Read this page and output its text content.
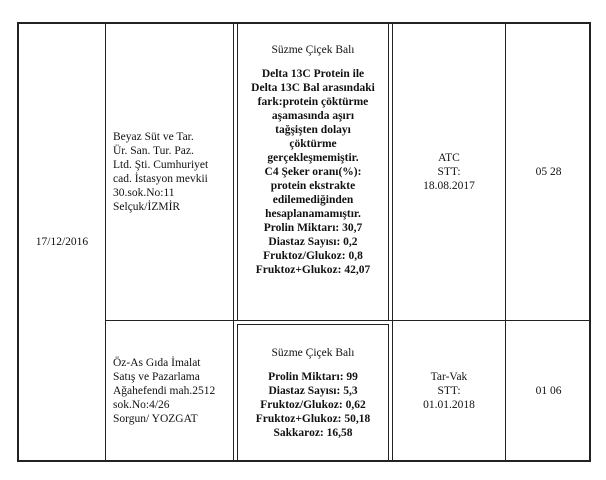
17/12/2016
Beyaz Süt ve Tar.
Ür. San. Tur. Paz.
Ltd. Şti. Cumhuriyet
cad. İstasyon mevkii
30.sok.No:11
Selçuk/İZMİR
Süzme Çiçek Balı
Delta 13C Protein ile
Delta 13C Bal arasındaki
fark:protein çöktürme
aşamasında aşırı
tağşişten dolayı
çöktürme
gerçekleşmemiştir.
C4 Şeker oranı(%):
protein ekstrakte
edilemediğinden
hesaplanamamıştır.
Prolin Miktarı: 30,7
Diastaz Sayısı: 0,2
Fruktoz/Glukoz: 0,8
Fruktoz+Glukoz: 42,07
ATC
STT:
18.08.2017
05 28
Öz-As Gıda İmalat
Satış ve Pazarlama
Ağahefendi mah.2512
sok.No:4/26
Sorgun/ YOZGAT
Süzme Çiçek Balı
Prolin Miktarı: 99
Diastaz Sayısı: 5,3
Fruktoz/Glukoz: 0,62
Fruktoz+Glukoz: 50,18
Sakkaroz: 16,58
Tar-Vak
STT:
01.01.2018
01 06
